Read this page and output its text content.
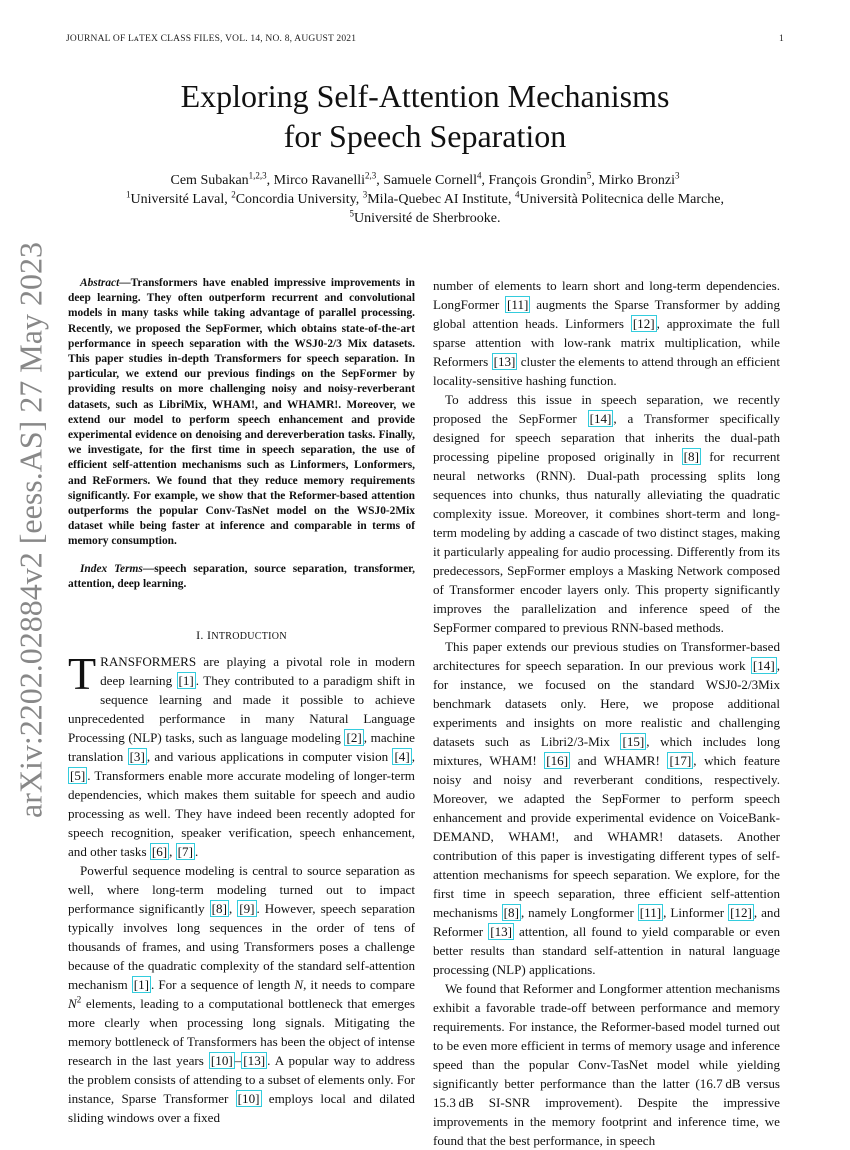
JOURNAL OF LᴀTEX CLASS FILES, VOL. 14, NO. 8, AUGUST 2021	1
Exploring Self-Attention Mechanisms
for Speech Separation
Cem Subakan$^{1,2,3}$, Mirco Ravanelli$^{2,3}$, Samuele Cornell$^4$, François Grondin$^5$, Mirko Bronzi$^3$
$^1$Université Laval, $^2$Concordia University, $^3$Mila-Quebec AI Institute, $^4$Università Politecnica delle Marche,
$^5$Université de Sherbrooke.
arXiv:2202.02884v2 [eess.AS] 27 May 2023	Abstract—Transformers have enabled impressive improvements in deep learning. They often outperform recurrent and convolutional models in many tasks while taking advantage of parallel processing. Recently, we proposed the SepFormer, which obtains state-of-the-art performance in speech separation with the WSJ0-2/3 Mix datasets. This paper studies in-depth Transformers for speech separation. In particular, we extend our previous findings on the SepFormer by providing results on more challenging noisy and noisy-reverberant datasets, such as LibriMix, WHAM!, and WHAMR!. Moreover, we extend our model to perform speech enhancement and provide experimental evidence on denoising and dereverberation tasks. Finally, we investigate, for the first time in speech separation, the use of efficient self-attention mechanisms such as Linformers, Lonformers, and ReFormers. We found that they reduce memory requirements significantly. For example, we show that the Reformer-based attention outperforms the popular Conv-TasNet model on the WSJ0-2Mix dataset while being faster at inference and comparable in terms of memory consumption.
Index Terms—speech separation, source separation, transformer, attention, deep learning.
I. INTRODUCTION

TRANSFORMERS are playing a pivotal role in modern deep learning [1] . They contributed to a paradigm shift in sequence learning and made it possible to achieve unprecedented performance in many Natural Language Processing (NLP) tasks, such as language modeling [2] , machine translation [3] , and various applications in computer vision [4] , [5] . Transformers enable more accurate modeling of longer-term dependencies, which makes them suitable for speech and audio processing as well. They have indeed been recently adopted for speech recognition, speaker verification, speech enhancement, and other tasks [6] , [7] .

Powerful sequence modeling is central to source separation as well, where long-term modeling turned out to impact performance significantly [8] , [9] . However, speech separation typically involves long sequences in the order of tens of thousands of frames, and using Transformers poses a challenge because of the quadratic complexity of the standard self-attention mechanism [1] . For a sequence of length N, it needs to compare $N^2$ elements, leading to a computational bottleneck that emerges more clearly when processing long signals. Mitigating the memory bottleneck of Transformers has been the object of intense research in the last years [10] – [13] . A popular way to address the problem consists of attending to a subset of elements only. For instance, Sparse Transformer [10] employs local and dilated sliding windows over a fixed

number of elements to learn short and long-term dependencies. LongFormer [11] augments the Sparse Transformer by adding global attention heads. Linformers [12] , approximate the full sparse attention with low-rank matrix multiplication, while Reformers [13] cluster the elements to attend through an efficient locality-sensitive hashing function.

To address this issue in speech separation, we recently proposed the SepFormer [14] , a Transformer specifically designed for speech separation that inherits the dual-path processing pipeline proposed originally in [8] for recurrent neural networks (RNN). Dual-path processing splits long sequences into chunks, thus naturally alleviating the quadratic complexity issue. Moreover, it combines short-term and long-term modeling by adding a cascade of two distinct stages, making it particularly appealing for audio processing. Differently from its predecessors, SepFormer employs a Masking Network composed of Transformer encoder layers only. This property significantly improves the parallelization and inference speed of the SepFormer compared to previous RNN-based methods.

This paper extends our previous studies on Transformer-based architectures for speech separation. In our previous work [14] , for instance, we focused on the standard WSJ0-2/3Mix benchmark datasets only. Here, we propose additional experiments and insights on more realistic and challenging datasets such as Libri2/3-Mix [15] , which includes long mixtures, WHAM! [16] and WHAMR! [17] , which feature noisy and noisy and reverberant conditions, respectively. Moreover, we adapted the SepFormer to perform speech enhancement and provide experimental evidence on VoiceBank-DEMAND, WHAM!, and WHAMR! datasets. Another contribution of this paper is investigating different types of self-attention mechanisms for speech separation. We explore, for the first time in speech separation, three efficient self-attention mechanisms [8] , namely Longformer [11] , Linformer [12] , and Reformer [13] attention, all found to yield comparable or even better results than standard self-attention in natural language processing (NLP) applications.

We found that Reformer and Longformer attention mechanisms exhibit a favorable trade-off between performance and memory requirements. For instance, the Reformer-based model turned out to be even more efficient in terms of memory usage and inference speed than the popular Conv-TasNet model while yielding significantly better performance than the latter (16.7 dB versus 15.3 dB SI-SNR improvement). Despite the impressive improvements in the memory footprint and inference time, we found that the best performance, in speech
